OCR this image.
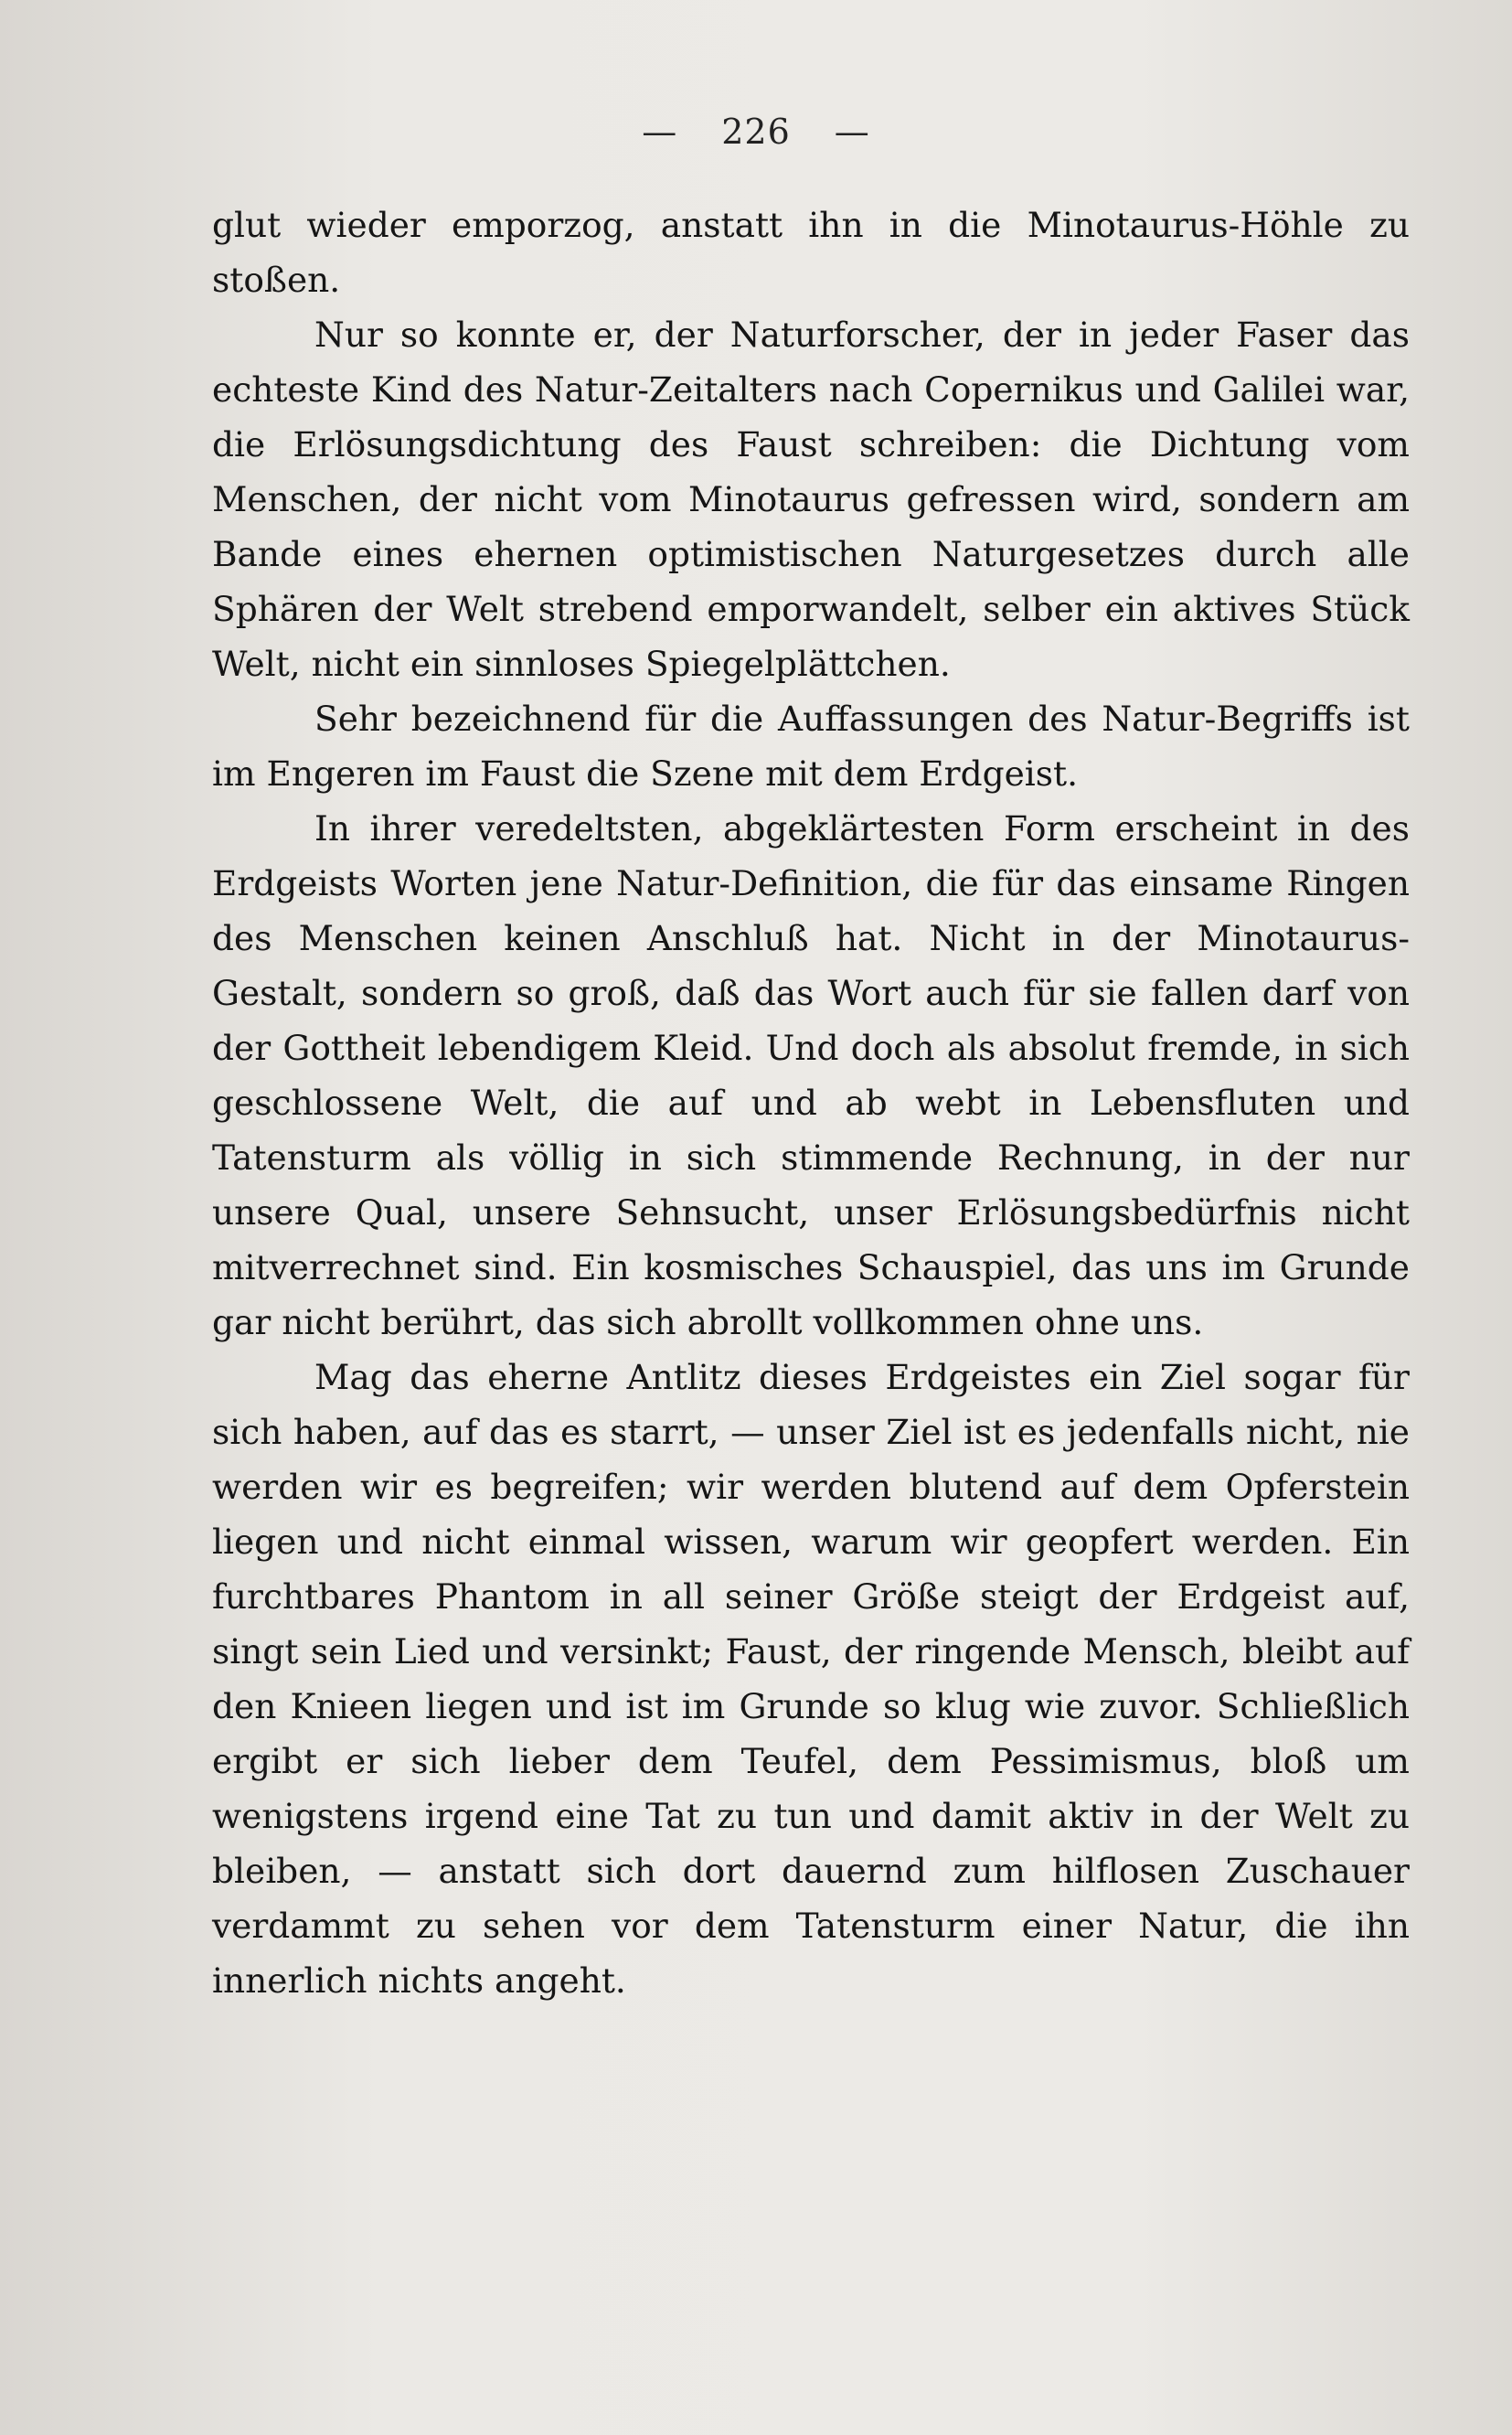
— 226 —

glut wieder emporzog, anstatt ihn in die Minotaurus-Höhle zu stoßen.

Nur so konnte er, der Naturforscher, der in jeder Faser das echteste Kind des Natur-Zeitalters nach Copernikus und Galilei war, die Erlösungsdichtung des Faust schreiben: die Dichtung vom Menschen, der nicht vom Minotaurus gefressen wird, sondern am Bande eines ehernen optimistischen Naturgesetzes durch alle Sphären der Welt strebend emporwandelt, selber ein aktives Stück Welt, nicht ein sinnloses Spiegelplättchen.

Sehr bezeichnend für die Auffassungen des Natur-Begriffs ist im Engeren im Faust die Szene mit dem Erdgeist.

In ihrer veredeltsten, abgeklärtesten Form erscheint in des Erdgeists Worten jene Natur-Definition, die für das einsame Ringen des Menschen keinen Anschluß hat. Nicht in der Minotaurus-Gestalt, sondern so groß, daß das Wort auch für sie fallen darf von der Gottheit lebendigem Kleid. Und doch als absolut fremde, in sich geschlossene Welt, die auf und ab webt in Lebensfluten und Tatensturm als völlig in sich stimmende Rechnung, in der nur unsere Qual, unsere Sehnsucht, unser Erlösungsbedürfnis nicht mitverrechnet sind. Ein kosmisches Schauspiel, das uns im Grunde gar nicht berührt, das sich abrollt vollkommen ohne uns.

Mag das eherne Antlitz dieses Erdgeistes ein Ziel sogar für sich haben, auf das es starrt, — unser Ziel ist es jedenfalls nicht, nie werden wir es begreifen; wir werden blutend auf dem Opferstein liegen und nicht einmal wissen, warum wir geopfert werden. Ein furchtbares Phantom in all seiner Größe steigt der Erdgeist auf, singt sein Lied und versinkt; Faust, der ringende Mensch, bleibt auf den Knieen liegen und ist im Grunde so klug wie zuvor. Schließlich ergibt er sich lieber dem Teufel, dem Pessimismus, bloß um wenigstens irgend eine Tat zu tun und damit aktiv in der Welt zu bleiben, — anstatt sich dort dauernd zum hilflosen Zuschauer verdammt zu sehen vor dem Tatensturm einer Natur, die ihn innerlich nichts angeht.
